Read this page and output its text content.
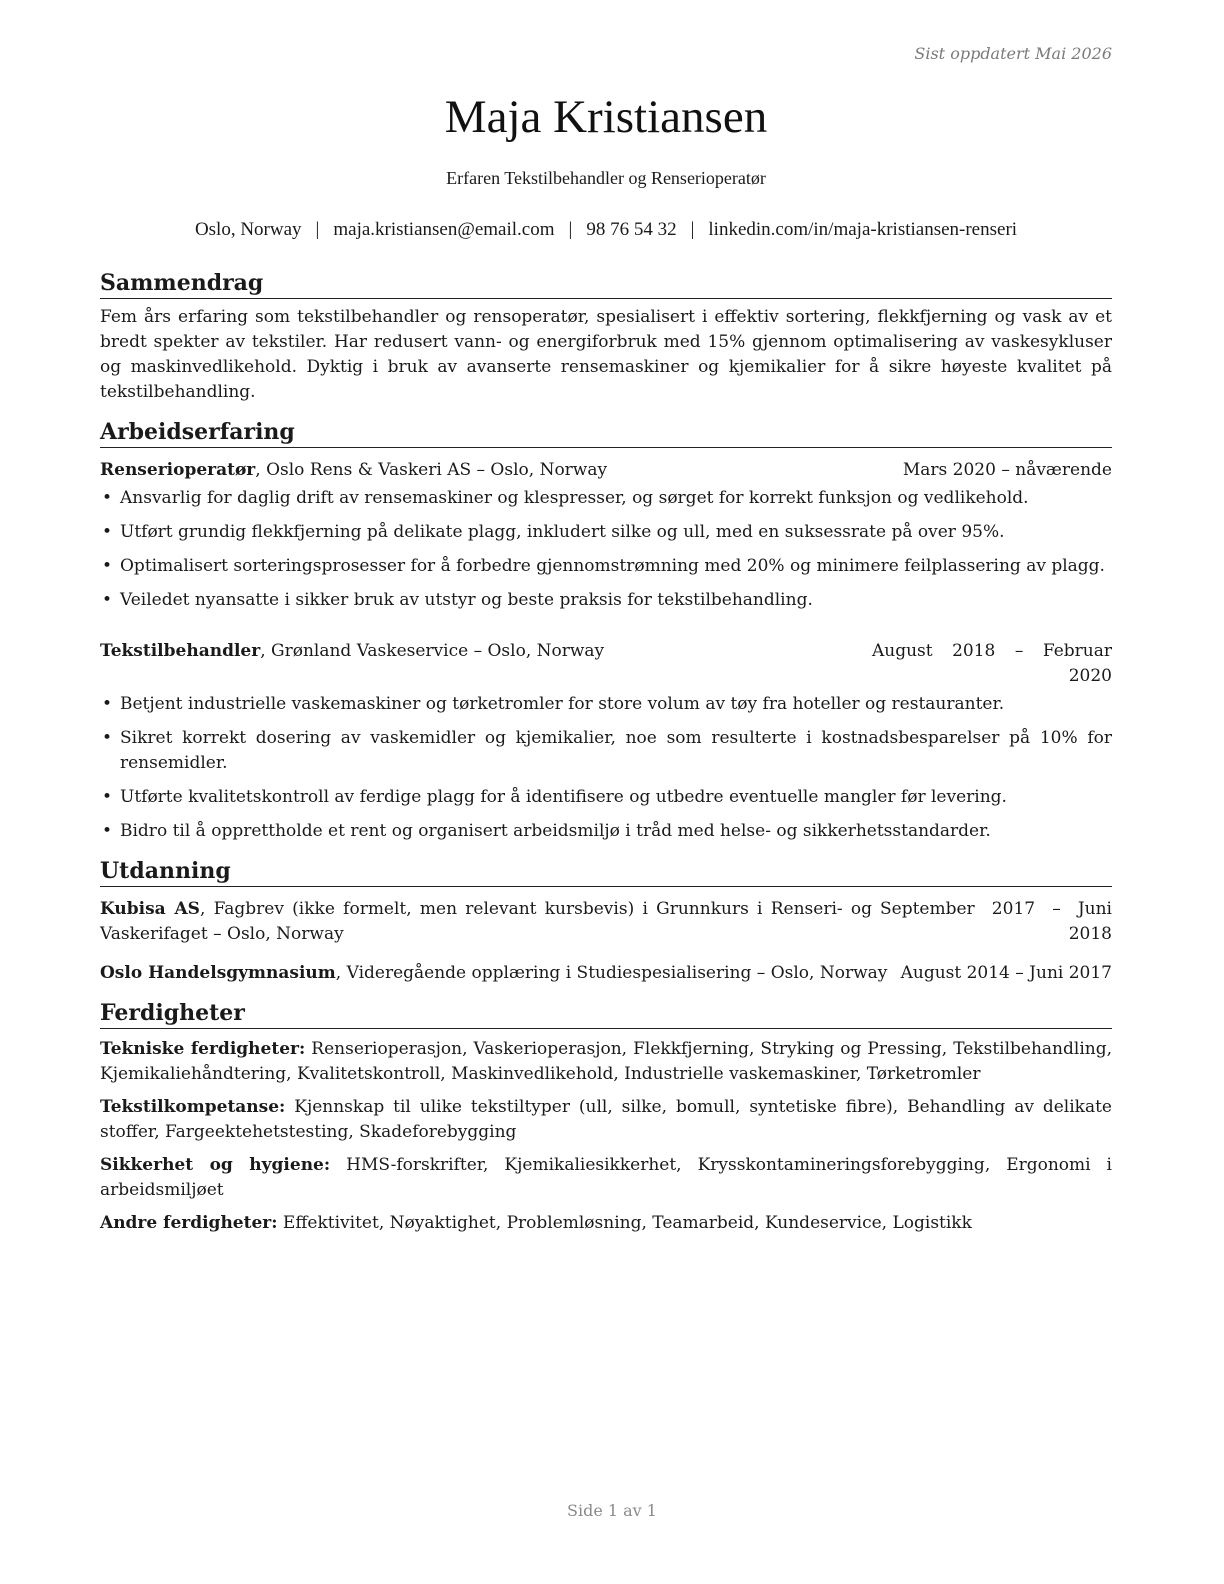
Sist oppdatert Mai 2026
Maja Kristiansen
Erfaren Tekstilbehandler og Renserioperatør
Oslo, Norway | maja.kristiansen@email.com | 98 76 54 32 | linkedin.com/in/maja-kristiansen-renseri
Sammendrag

Fem års erfaring som tekstilbehandler og rensoperatør, spesialisert i effektiv sortering, flekkfjerning og vask av et bredt spekter av tekstiler. Har redusert vann- og energiforbruk med 15% gjennom optimalisering av vaskesykluser og maskinvedlikehold. Dyktig i bruk av avanserte rensemaskiner og kjemikalier for å sikre høyeste kvalitet på tekstilbehandling.

Arbeidserfaring
Renserioperatør, Oslo Rens & Vaskeri AS – Oslo, Norway	Mars 2020 – nåværende
• Ansvarlig for daglig drift av rensemaskiner og klespresser, og sørget for korrekt funksjon og vedlikehold.
• Utført grundig flekkfjerning på delikate plagg, inkludert silke og ull, med en suksessrate på over 95%.
• Optimalisert sorteringsprosesser for å forbedre gjennomstrømning med 20% og minimere feilplassering av plagg.
• Veiledet nyansatte i sikker bruk av utstyr og beste praksis for tekstilbehandling.
Tekstilbehandler, Grønland Vaskeservice – Oslo, Norway	August 2018 – Februar 2020
• Betjent industrielle vaskemaskiner og tørketromler for store volum av tøy fra hoteller og restauranter.
• Sikret korrekt dosering av vaskemidler og kjemikalier, noe som resulterte i kostnadsbesparelser på 10% for rensemidler.
• Utførte kvalitetskontroll av ferdige plagg for å identifisere og utbedre eventuelle mangler før levering.
• Bidro til å opprettholde et rent og organisert arbeidsmiljø i tråd med helse- og sikkerhetsstandarder.
Utdanning
Kubisa AS, Fagbrev (ikke formelt, men relevant kursbevis) i Grunnkurs i Renseri- og Vaskerifaget – Oslo, Norway
September 2017 – Juni 2018
Oslo Handelsgymnasium, Videregående opplæring i Studiespesialisering – Oslo, Norway August 2014 – Juni 2017
Ferdigheter
Tekniske ferdigheter: Renserioperasjon, Vaskerioperasjon, Flekkfjerning, Stryking og Pressing, Tekstilbehandling, Kjemikaliehåndtering, Kvalitetskontroll, Maskinvedlikehold, Industrielle vaskemaskiner, Tørketromler
Tekstilkompetanse: Kjennskap til ulike tekstiltyper (ull, silke, bomull, syntetiske fibre), Behandling av delikate stoffer, Fargeektehetstesting, Skadeforebygging
Sikkerhet og hygiene: HMS-forskrifter, Kjemikaliesikkerhet, Krysskontamineringsforebygging, Ergonomi i arbeidsmiljøet
Andre ferdigheter: Effektivitet, Nøyaktighet, Problemløsning, Teamarbeid, Kundeservice, Logistikk
Side 1 av 1
